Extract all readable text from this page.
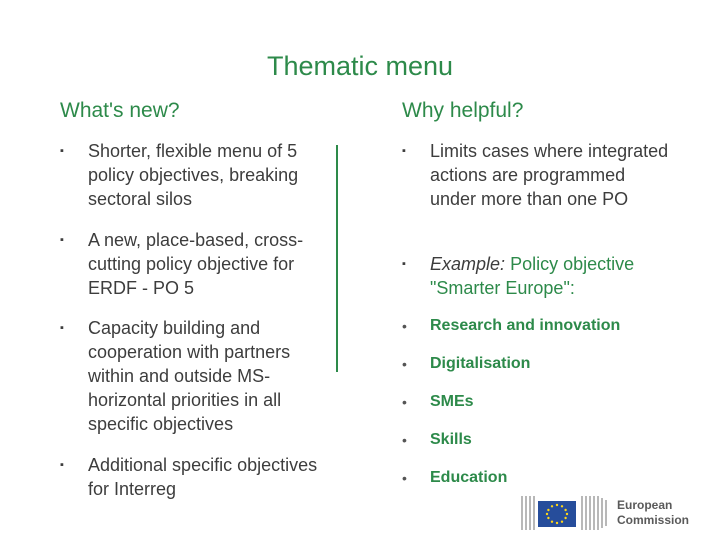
Thematic menu
What's new?	Why helpful?
▪	Shorter, flexible menu of 5 policy objectives, breaking sectoral silos
▪	A new, place-based, cross-cutting policy objective for ERDF - PO 5
▪	Capacity building and cooperation with partners within and outside MS-horizontal priorities in all specific objectives
▪	Additional specific objectives for Interreg
▪	Limits cases where integrated actions are programmed under more than one PO
▪	Example: Policy objective "Smarter Europe":
•	Research and innovation
•	Digitalisation
•	SMEs
•	Skills
•	Education
European
Commission
